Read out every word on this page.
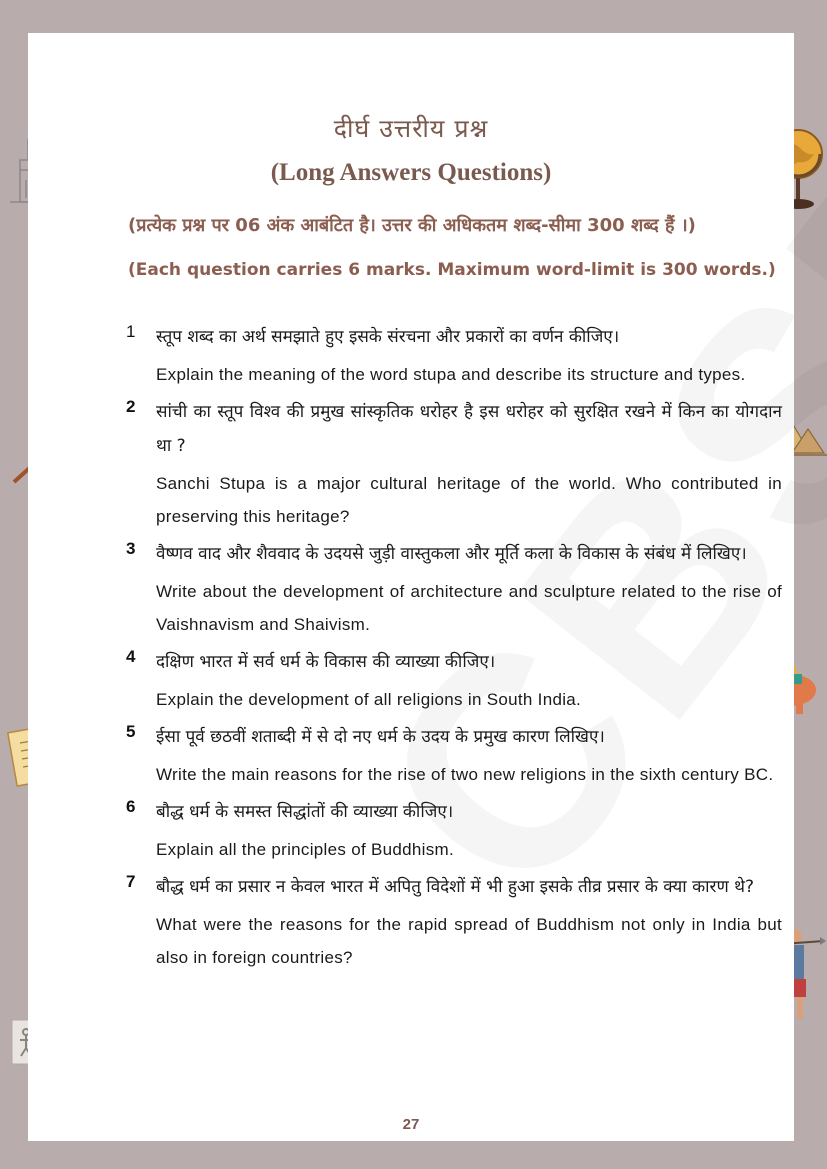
दीर्घ उत्तरीय प्रश्न
(Long Answers Questions)
(प्रत्येक प्रश्न पर 06 अंक आबंटित है। उत्तर की अधिकतम शब्द-सीमा 300 शब्द हैं ।)
(Each question carries 6 marks. Maximum word-limit is 300 words.)
1	स्तूप शब्द का अर्थ समझाते हुए इसके संरचना और प्रकारों का वर्णन कीजिए।
Explain the meaning of the word stupa and describe its structure and types.
2	सांची का स्तूप विश्व की प्रमुख सांस्कृतिक धरोहर है इस धरोहर को सुरक्षित रखने में किन का योगदान था ?
Sanchi Stupa is a major cultural heritage of the world. Who contributed in preserving this heritage?
3	वैष्णव वाद और शैववाद के उदयसे जुड़ी वास्तुकला और मूर्ति कला के विकास के संबंध में लिखिए।
Write about the development of architecture and sculpture related to the rise of Vaishnavism and Shaivism.
4	दक्षिण भारत में सर्व धर्म के विकास की व्याख्या कीजिए।
Explain the development of all religions in South India.
5	ईसा पूर्व छठवीं शताब्दी में से दो नए धर्म के उदय के प्रमुख कारण लिखिए।
Write the main reasons for the rise of two new religions in the sixth century BC.
6	बौद्ध धर्म के समस्त सिद्धांतों की व्याख्या कीजिए।
Explain all the principles of Buddhism.
7	बौद्ध धर्म का प्रसार न केवल भारत में अपितु विदेशों में भी हुआ इसके तीव्र प्रसार के क्या कारण थे?
What were the reasons for the rapid spread of Buddhism not only in India but also in foreign countries?
27
